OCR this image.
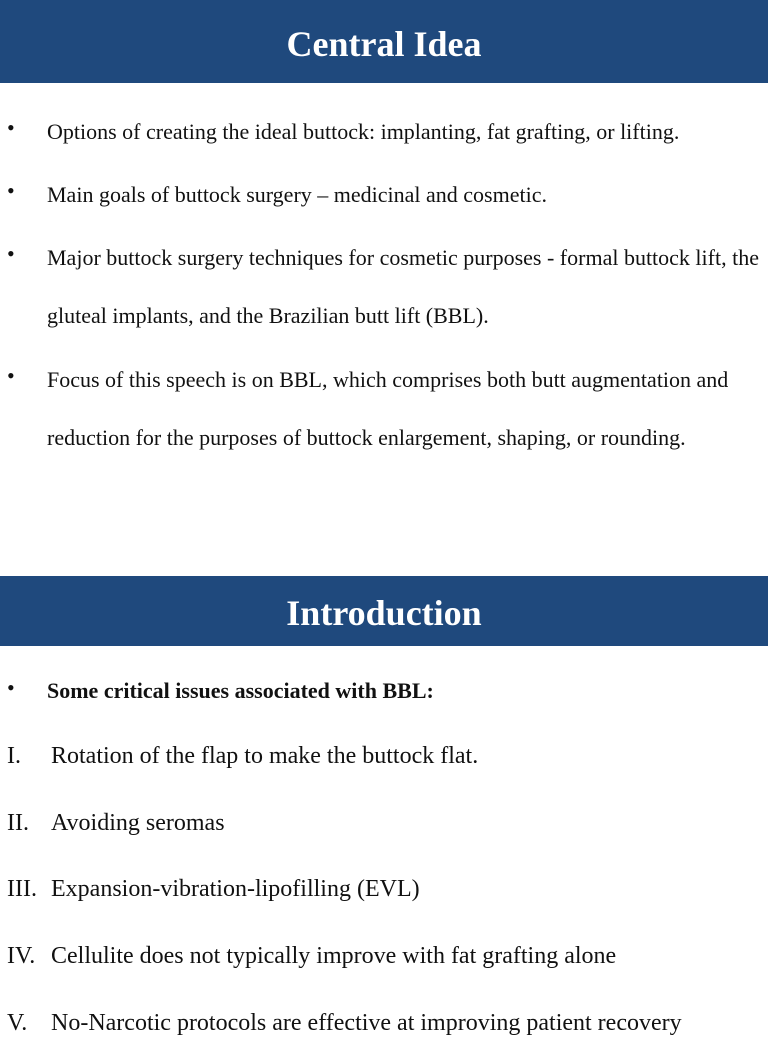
Central Idea
• Options of creating the ideal buttock: implanting, fat grafting, or lifting.
• Main goals of buttock surgery – medicinal and cosmetic.
• Major buttock surgery techniques for cosmetic purposes - formal buttock lift, the gluteal implants, and the Brazilian butt lift (BBL).
• Focus of this speech is on BBL, which comprises both butt augmentation and reduction for the purposes of buttock enlargement, shaping, or rounding.
Introduction
• Some critical issues associated with BBL:
I. Rotation of the flap to make the buttock flat.
II. Avoiding seromas
III. Expansion-vibration-lipofilling (EVL)
IV. Cellulite does not typically improve with fat grafting alone
V. No-Narcotic protocols are effective at improving patient recovery
